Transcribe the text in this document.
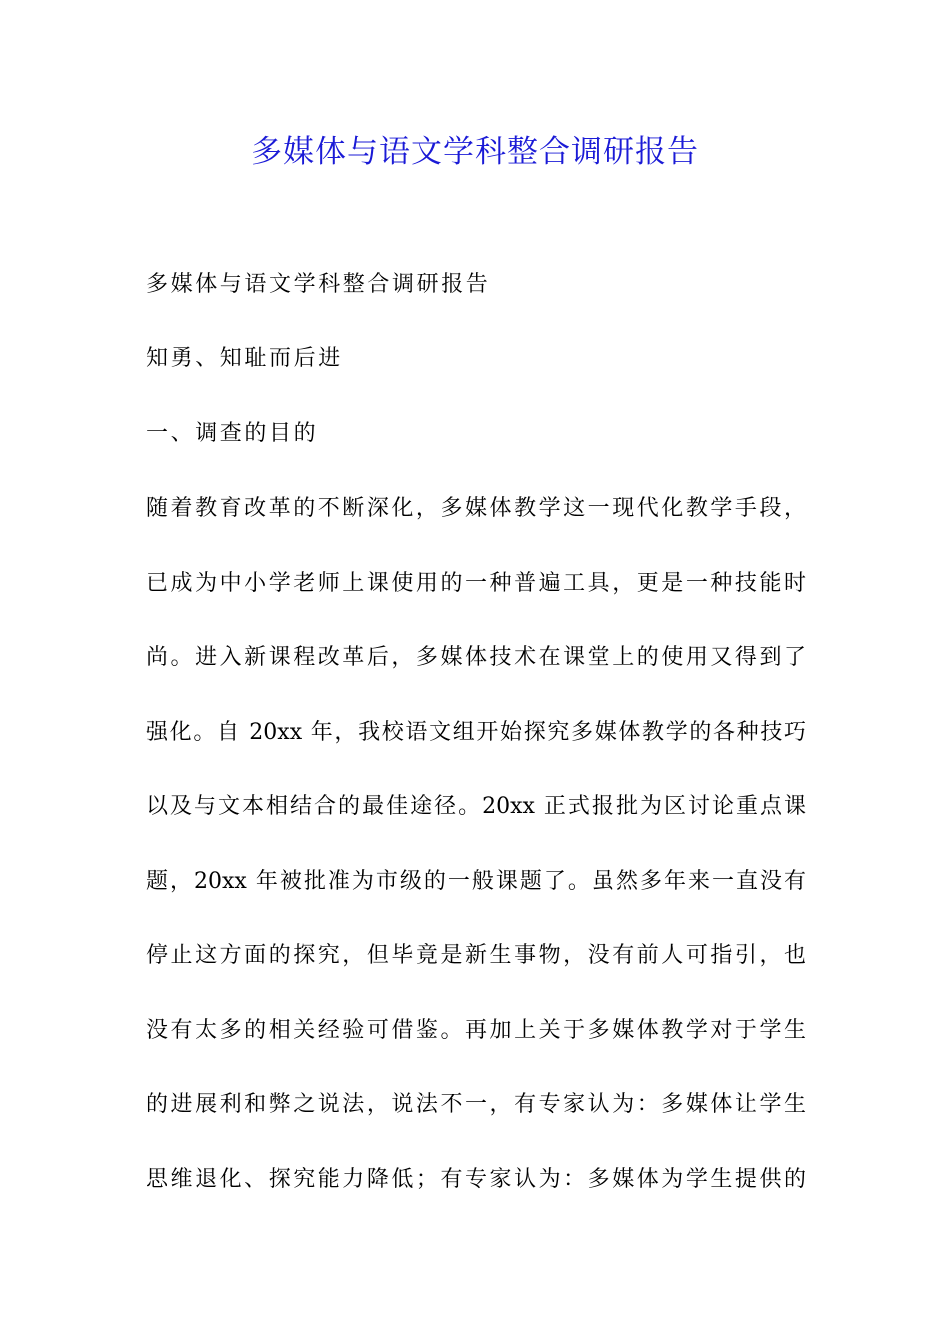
多媒体与语文学科整合调研报告

多媒体与语文学科整合调研报告

知勇、知耻而后进

一、调查的目的

随着教育改革的不断深化，多媒体教学这一现代化教学手段，

已成为中小学老师上课使用的一种普遍工具，更是一种技能时

尚。进入新课程改革后，多媒体技术在课堂上的使用又得到了

强化。自 20xx 年，我校语文组开始探究多媒体教学的各种技巧

以及与文本相结合的最佳途径。20xx 正式报批为区讨论重点课

题，20xx 年被批准为市级的一般课题了。虽然多年来一直没有

停止这方面的探究，但毕竟是新生事物，没有前人可指引，也

没有太多的相关经验可借鉴。再加上关于多媒体教学对于学生

的进展利和弊之说法，说法不一，有专家认为：多媒体让学生

思维退化、探究能力降低；有专家认为：多媒体为学生提供的
